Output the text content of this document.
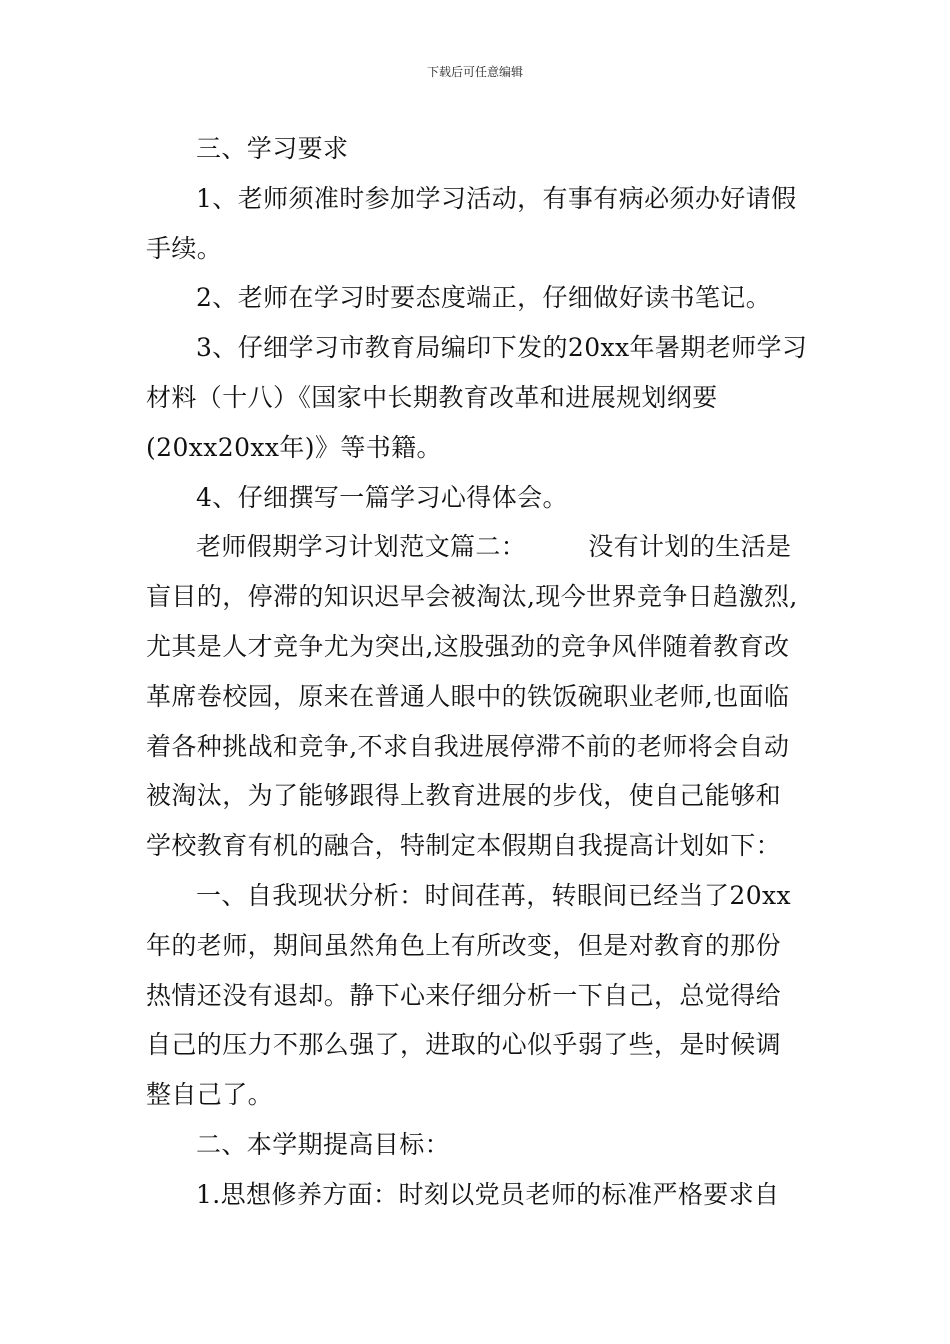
下载后可任意编辑

三、学习要求

1、老师须准时参加学习活动，有事有病必须办好请假

手续。

2、老师在学习时要态度端正，仔细做好读书笔记。

3、仔细学习市教育局编印下发的20xx年暑期老师学习

材料（十八）《国家中长期教育改革和进展规划纲要

(20xx20xx年)》等书籍。

4、仔细撰写一篇学习心得体会。

老师假期学习计划范文篇二： 没有计划的生活是

盲目的，停滞的知识迟早会被淘汰,现今世界竞争日趋激烈,

尤其是人才竞争尤为突出,这股强劲的竞争风伴随着教育改

革席卷校园，原来在普通人眼中的铁饭碗职业老师,也面临

着各种挑战和竞争,不求自我进展停滞不前的老师将会自动

被淘汰，为了能够跟得上教育进展的步伐，使自己能够和

学校教育有机的融合，特制定本假期自我提高计划如下：

一、自我现状分析：时间荏苒，转眼间已经当了20xx

年的老师，期间虽然角色上有所改变，但是对教育的那份

热情还没有退却。静下心来仔细分析一下自己，总觉得给

自己的压力不那么强了，进取的心似乎弱了些，是时候调

整自己了。

二、本学期提高目标：

1.思想修养方面：时刻以党员老师的标准严格要求自
